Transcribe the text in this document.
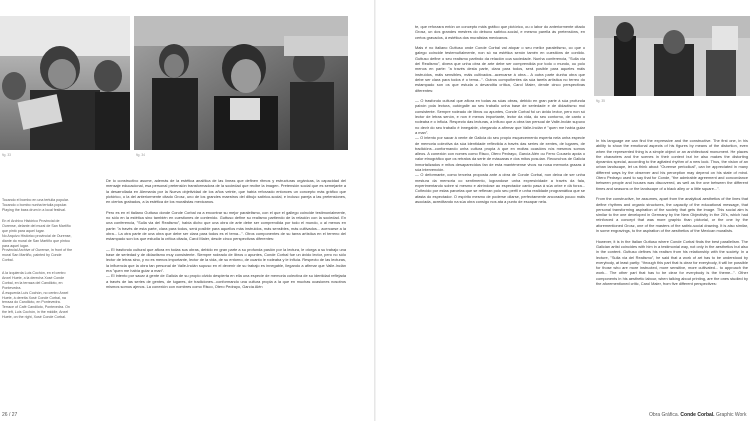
fig. 33	fig. 34
Tocando el bombo en una tertulia popular.
Tocando o bombo nunha tertulia popular.
Playing the bass drum in a local festival.
En el Archivo Histórico Provincial de Ourense, delante del mural de San Martiño que pintó para aquel lugar.
No Arquivo Histórico provincial de Ourense, diante do mural de San Martiño que pintou para aquel lugar.
Provincial Archive of Ourense, in front of the mural San Martiño, painted by Conde Corbal.
A la izquierda Luís Cochón, en el centro Anxel Huete, a la derecha Xosé Conde Corbal, en la terraza del Candiloto, en Pontevedra.
Á esquerda Luís Cochón, no centro Anxel Huete, á dereita Xosé Conde Corbal, na terraza do Candiloto, en Pontevedra.
Terrace of Café Candiloto, Pontevedra. On the left, Luís Cochón, in the middle, Anxel Huete, on the right, Xosé Conde Corbal.
De lo constructivo asume, además de la estética analítica de las líneas que definen ritmos y estructuras orgánicas, la capacidad del mensaje educacional, esa personal pretensión transformadora de la sociedad que recibe la imagen. Pretensión social que es semejante a la desarrollada en Alemania por la Nueva objetividad de los años veinte, que había reforzado entonces un concepto más gráfico que pictórico, o la del anteriormente citado Grosz, uno de los grandes maestros del dibujo satírico-social, e incluso pareja a las pretensiones, en ciertos grabados, a la estética de los muralistas mexicanos.

Pero es en el italiano Guttuso donde Conde Corbal va a encontrar su mejor paralelismo, con el que el gallego coincide testimonialmente, no sólo en la estética sino también en cuestiones de contenido. Guttuso define su realismo partiendo de la relación con la sociedad. En una conferencia, "Sulla via del Realismo", había dicho que una obra de arte debe ser comprendida por todo el mundo, o al menos en parte: "a través de esta parte, clara para todos, será posible para aquellos más instruidos, más sensibles, más cultivados... acercarse a la obra... La otra parte de una obra que debe ser clara para todos es el tema...". Otros componentes de su tarea artística en el terreno del estampado son los que estudia la crítica citada, Carol Maier, desde cinco perspectivas diferentes:

— El trasfondo cultural que aflora en todas sus obras, debido en gran parte a su profunda pasión por la lectura, le otorga a su trabajo una base de seriedad y de didactismo muy consistente. Siempre rodeado de libros o apuntes, Conde Corbal fue un ávido lector, pero no sólo lector de letras sino, y no es menos importante, lector de la vida, de su entorno, de cuanto le rodeaba y le influía. Respecto de las lecturas, la influencia que la obra tan personal de Valle-Inclán supuso en el devenir de su trabajo es innegable, llegando a afirmar que Valle-Inclán era "quen me había guiar a man".
— El intento por sacar á gente de Galicia de su propio olvido despierta en ella una especie de memoria colectiva de su identidad reflejada a través de las series de gentes, de lugares, de tradiciones...conformando una cultura propia a la que en muchas ocasiones nosotros mismos somos ajenos. La conexión con nombres como Risco, Otero Pedrayo, García Alén
26 / 27
te, que reforzara entón un concepto máis gráfico que pictórico, ou o labor do anteriormente citado Grosz, un dos grandes mestres do debuxo satírico-social, e mesmo parella ás pretensións, en certos gravados, á estética dos muralistas mexicanos.

Mais é no italiano Guttuso onde Conde Corbal vai atopar o seu mellor paralelismo, co que o galego coincide testemuñalmente, non só na estética senón tamén en cuestións de contido. Guttuso define o seu realismo partindo da relación coa sociedade. Nunha conferencia, "Sulla via del Realismo", dixera que unha obra de arte debe ser comprendida por todo o mundo, ou polo menos en parte: "a través desta parte, clara para todos, será posible para aqueles máis instruídos, máis sensibles, máis cultivados...acercarse á obra... A outra parte dunha obra que debe ser clara para todos é o tema...". Outros compoñentes da súa tarefa artística no terreo do estampado son os que estuda a devandita crítica, Carol Maier, dende cinco perspectivas diferentes:

— O trasfondo cultural que aflora en todas as súas obras, debido en gran parte á súa profunda paixón pola lectura, outórgalle ao seu traballo unha base de seriedade e de didactismo moi consistente. Sempre rodeado de libros ou apuntes, Conde Corbal foi un ávido lector, pero non só lector de letras senón, e non é menos importante, lector da vida, do seu contorno, de canto o rodeaba e o influía. Respecto das lecturas, a influxo que a obra tan persoal de Valle-Inclán supuxo no devir do seu traballo é innegable, chegando a afirmar que Valle-Inclán é "quen me había guiar a man".
— O intento por sacar á xente de Galicia do seu propio esquecemento esperta nela unha especie de memoria colectiva da súa identidade reflectida a través das series de xentes, de lugares, de tradicións...conformando unha cultura propia á que en moitas ocasións nós mesmos somos alleos. A conexión con nomes como Risco, Otero Pedrayo, García Alén ou Ferro Couselo apoia o valor etnográfico que os retratos da serie de máscaras e dos mitos posuían. Recunchos de Galicia inmortalizados e mitos desaparecidos fan de esta mantémense vivos na nosa memoria grazas á súa intervención.
— O deformante, como terceira proposta ante a obra de Conde Corbal, non deixa de ser unha mestura da memoria co sentimento, lograndose unha expresividade a través da fala, experimentando sobre si mesmo e abríndose ao espectador canto pasa á súa orixe e dá forza... Coñecido por estas parcelas que se reflexan polo seu perfil e unha realidade programática que se afasta do espectador. O espírito mesmo de poderse ollarse, perfectamente ancorada pouco máis asociada, acreditando na súa obra consigo nos ata a punto de escapar nela.
fig. 35
In his language we can find the expressive and the constructive. The first one, in his ability to show the emotional aspects of his figures by means of the distortion, even when the represented thing is a simple object or an architectural monument. He places the characters and the scenes in their context but he also makes the distorting dynamics special, according to the agitated rhythm of a new look. Thus, the vision of an urban landscape, let us think about "Ourense periodical", can be appreciated in many different ways by the observer and his perception may depend on his state of mind. Otero Pedrayo used to say that for Conde, "the admirable agreement and concordance between people and houses was discovered, as well as the one between the different times and seasons or the landscape of a black alley or a little square...".

From the constructive, he assumes, apart from the analytical aesthetics of the lines that define rhythms and organic structures, the capacity of the educational message, that personal transforming aspiration of the society that gets the image. This social aim is similar to the one developed in Germany by the New Objectivity in the 20's, which had reinforced a concept that was more graphic than pictorial, or the one by the aforementioned Grosz, one of the masters of the satiric-social drawing. It is also similar, in some engravings, to the aspiration of the aesthetics of the Mexican muralists.

However, it is in the Italian Guttuso where Conde Corbal finds the best parallelism. The Galician artist coincides with him in a testimonial way, not only in the aesthetics but also in the content. Guttuso defines his realism from his relationship with the society. In a lecture, "Sulla via del Realismo", he said that a work of art has to be understood by everybody, at least partly: "through this part that is clear for everybody, it will be possible for those who are more instructed, more sensitive, more cultivated... to approach the work... The other part that has to be clear for everybody is the theme...". Other components in his aesthetic labour, when talking about printing, are the ones studied by the aforementioned critic, Carol Maier, from five different perspectives:
Obra Gráfica. Conde Corbal. Graphic Work
